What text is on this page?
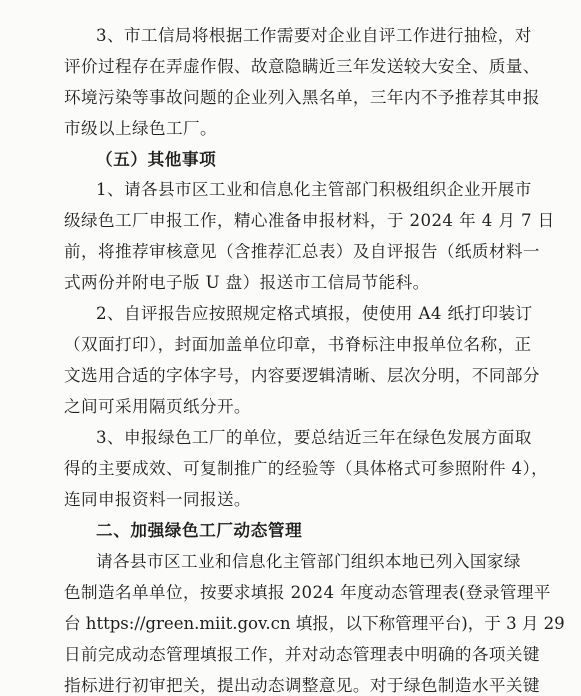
3、市工信局将根据工作需要对企业自评工作进行抽检，对
评价过程存在弄虚作假、故意隐瞒近三年发送较大安全、质量、
环境污染等事故问题的企业列入黑名单，三年内不予推荐其申报
市级以上绿色工厂。
（五）其他事项
1、请各县市区工业和信息化主管部门积极组织企业开展市
级绿色工厂申报工作，精心准备申报材料，于 2024 年 4 月 7 日
前，将推荐审核意见（含推荐汇总表）及自评报告（纸质材料一
式两份并附电子版 U 盘）报送市工信局节能科。
2、自评报告应按照规定格式填报，使使用 A4 纸打印装订
（双面打印），封面加盖单位印章，书脊标注申报单位名称，正
文选用合适的字体字号，内容要逻辑清晰、层次分明，不同部分
之间可采用隔页纸分开。
3、申报绿色工厂的单位，要总结近三年在绿色发展方面取
得的主要成效、可复制推广的经验等（具体格式可参照附件 4），
连同申报资料一同报送。
二、加强绿色工厂动态管理
请各县市区工业和信息化主管部门组织本地已列入国家绿
色制造名单单位，按要求填报 2024 年度动态管理表(登录管理平
台 https://green.miit.gov.cn 填报，以下称管理平台)，于 3 月 29
日前完成动态管理填报工作，并对动态管理表中明确的各项关键
指标进行初审把关，提出动态调整意见。对于绿色制造水平关键
